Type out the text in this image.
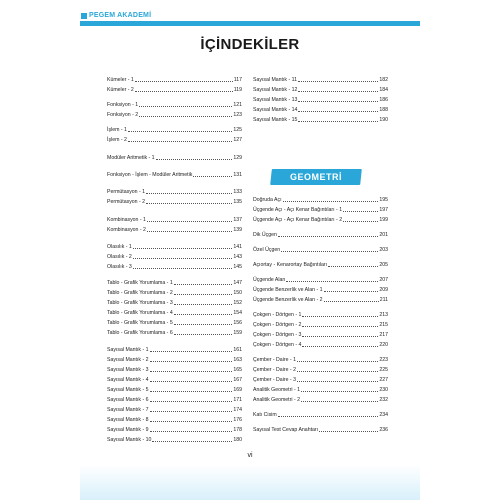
PEGEM AKADEMİ
İÇİNDEKİLER
Kümeler - 1	117
Kümeler - 2	119
Fonksiyon - 1	121
Fonksiyon - 2	123
İşlem - 1	125
İşlem - 2	127
Modüler Aritmetik - 1	129
Fonksiyon - İşlem - Modüler Aritmetik	131
Permütasyon - 1	133
Permütasyon - 2	135
Kombinasyon - 1	137
Kombinasyon - 2	139
Olasılık - 1	141
Olasılık - 2	143
Olasılık - 3	145
Tablo - Grafik Yorumlama - 1	147
Tablo - Grafik Yorumlama - 2	150
Tablo - Grafik Yorumlama - 3	152
Tablo - Grafik Yorumlama - 4	154
Tablo - Grafik Yorumlama - 5	156
Tablo - Grafik Yorumlama - 6	159
Sayısal Mantık - 1	161
Sayısal Mantık - 2	163
Sayısal Mantık - 3	165
Sayısal Mantık - 4	167
Sayısal Mantık - 5	169
Sayısal Mantık - 6	171
Sayısal Mantık - 7	174
Sayısal Mantık - 8	176
Sayısal Mantık - 9	178
Sayısal Mantık - 10	180
Sayısal Mantık - 11	182
Sayısal Mantık - 12	184
Sayısal Mantık - 13	186
Sayısal Mantık - 14	188
Sayısal Mantık - 15	190
Doğruda Açı	195
Üçgende Açı - Açı Kenar Bağıntıları - 1	197
Üçgende Açı - Açı Kenar Bağıntıları - 2	199
Dik Üçgen	201
Özel Üçgen	203
Açıortay - Kenarortay Bağıntıları	205
Üçgende Alan	207
Üçgende Benzerlik ve Alan - 1	209
Üçgende Benzerlik ve Alan - 2	211
Çokgen - Dörtgen - 1	213
Çokgen - Dörtgen - 2	215
Çokgen - Dörtgen - 3	217
Çokgen - Dörtgen - 4	220
Çember - Daire - 1	223
Çember - Daire - 2	225
Çember - Daire - 3	227
Analitik Geometri - 1	230
Analitik Geometri - 2	232
Katı Cisim	234
Sayısal Test Cevap Anahtarı	236
GEOMETRİ
vi
